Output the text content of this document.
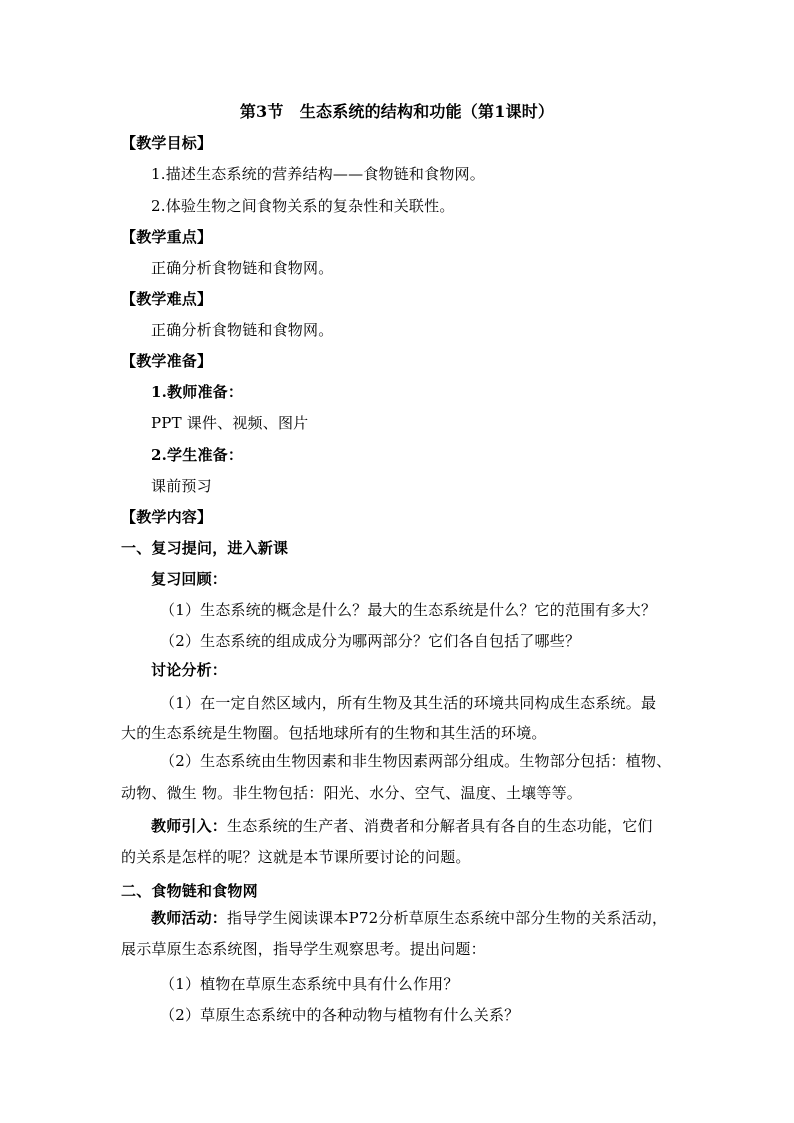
第3节　生态系统的结构和功能（第1课时）
【教学目标】
1.描述生态系统的营养结构——食物链和食物网。
2.体验生物之间食物关系的复杂性和关联性。
【教学重点】
正确分析食物链和食物网。
【教学难点】
正确分析食物链和食物网。
【教学准备】
1.教师准备：
PPT 课件、视频、图片
2.学生准备：
课前预习
【教学内容】
一、复习提问，进入新课
复习回顾：
（1）生态系统的概念是什么？最大的生态系统是什么？它的范围有多大？
（2）生态系统的组成成分为哪两部分？它们各自包括了哪些？
讨论分析：
（1）在一定自然区域内，所有生物及其生活的环境共同构成生态系统。最
大的生态系统是生物圈。包括地球所有的生物和其生活的环境。
（2）生态系统由生物因素和非生物因素两部分组成。生物部分包括：植物、
动物、微生 物。非生物包括：阳光、水分、空气、温度、土壤等等。
教师引入：生态系统的生产者、消费者和分解者具有各自的生态功能，它们
的关系是怎样的呢？这就是本节课所要讨论的问题。
二、食物链和食物网
教师活动：指导学生阅读课本P72分析草原生态系统中部分生物的关系活动，
展示草原生态系统图，指导学生观察思考。提出问题：
（1）植物在草原生态系统中具有什么作用？
（2）草原生态系统中的各种动物与植物有什么关系？
